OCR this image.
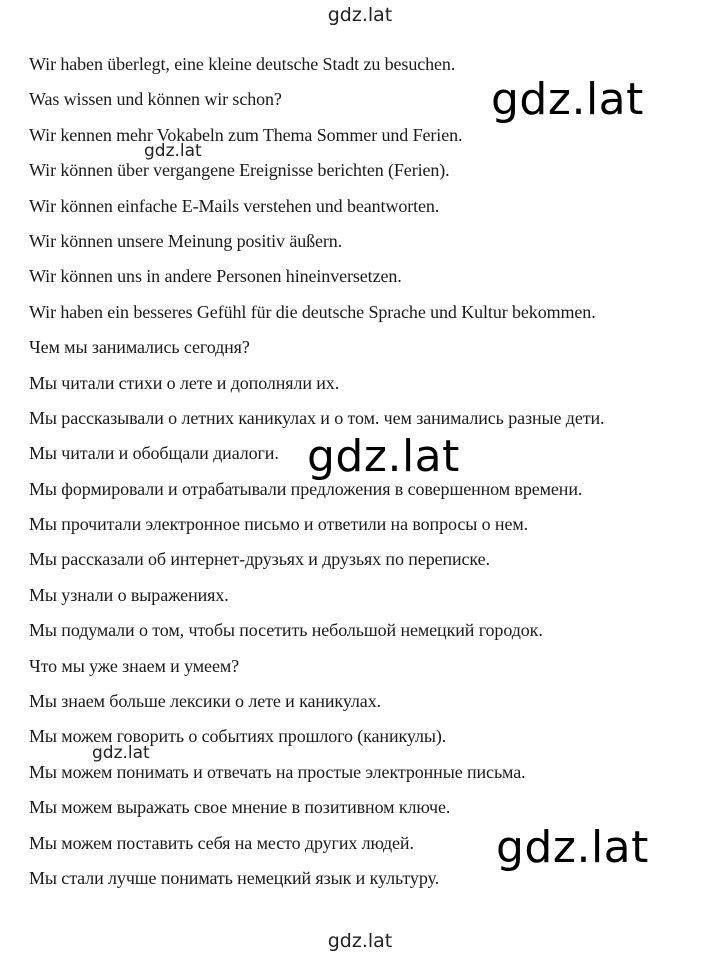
gdz.lat
Wir haben überlegt, eine kleine deutsche Stadt zu besuchen.
Was wissen und können wir schon?
Wir kennen mehr Vokabeln zum Thema Sommer und Ferien.
Wir können über vergangene Ereignisse berichten (Ferien).
Wir können einfache E-Mails verstehen und beantworten.
Wir können unsere Meinung positiv äußern.
Wir können uns in andere Personen hineinversetzen.
Wir haben ein besseres Gefühl für die deutsche Sprache und Kultur bekommen.
Чем мы занимались сегодня?
Мы читали стихи о лете и дополняли их.
Мы рассказывали о летних каникулах и о том. чем занимались разные дети.
Мы читали и обобщали диалоги.
Мы формировали и отрабатывали предложения в совершенном времени.
Мы прочитали электронное письмо и ответили на вопросы о нем.
Мы рассказали об интернет-друзьях и друзьях по переписке.
Мы узнали о выражениях.
Мы подумали о том, чтобы посетить небольшой немецкий городок.
Что мы уже знаем и умеем?
Мы знаем больше лексики о лете и каникулах.
Мы можем говорить о событиях прошлого (каникулы).
Мы можем понимать и отвечать на простые электронные письма.
Мы можем выражать свое мнение в позитивном ключе.
Мы можем поставить себя на место других людей.
Мы стали лучше понимать немецкий язык и культуру.
gdz.lat
gdz.lat
gdz.lat
gdz.lat
gdz.lat
gdz.lat
